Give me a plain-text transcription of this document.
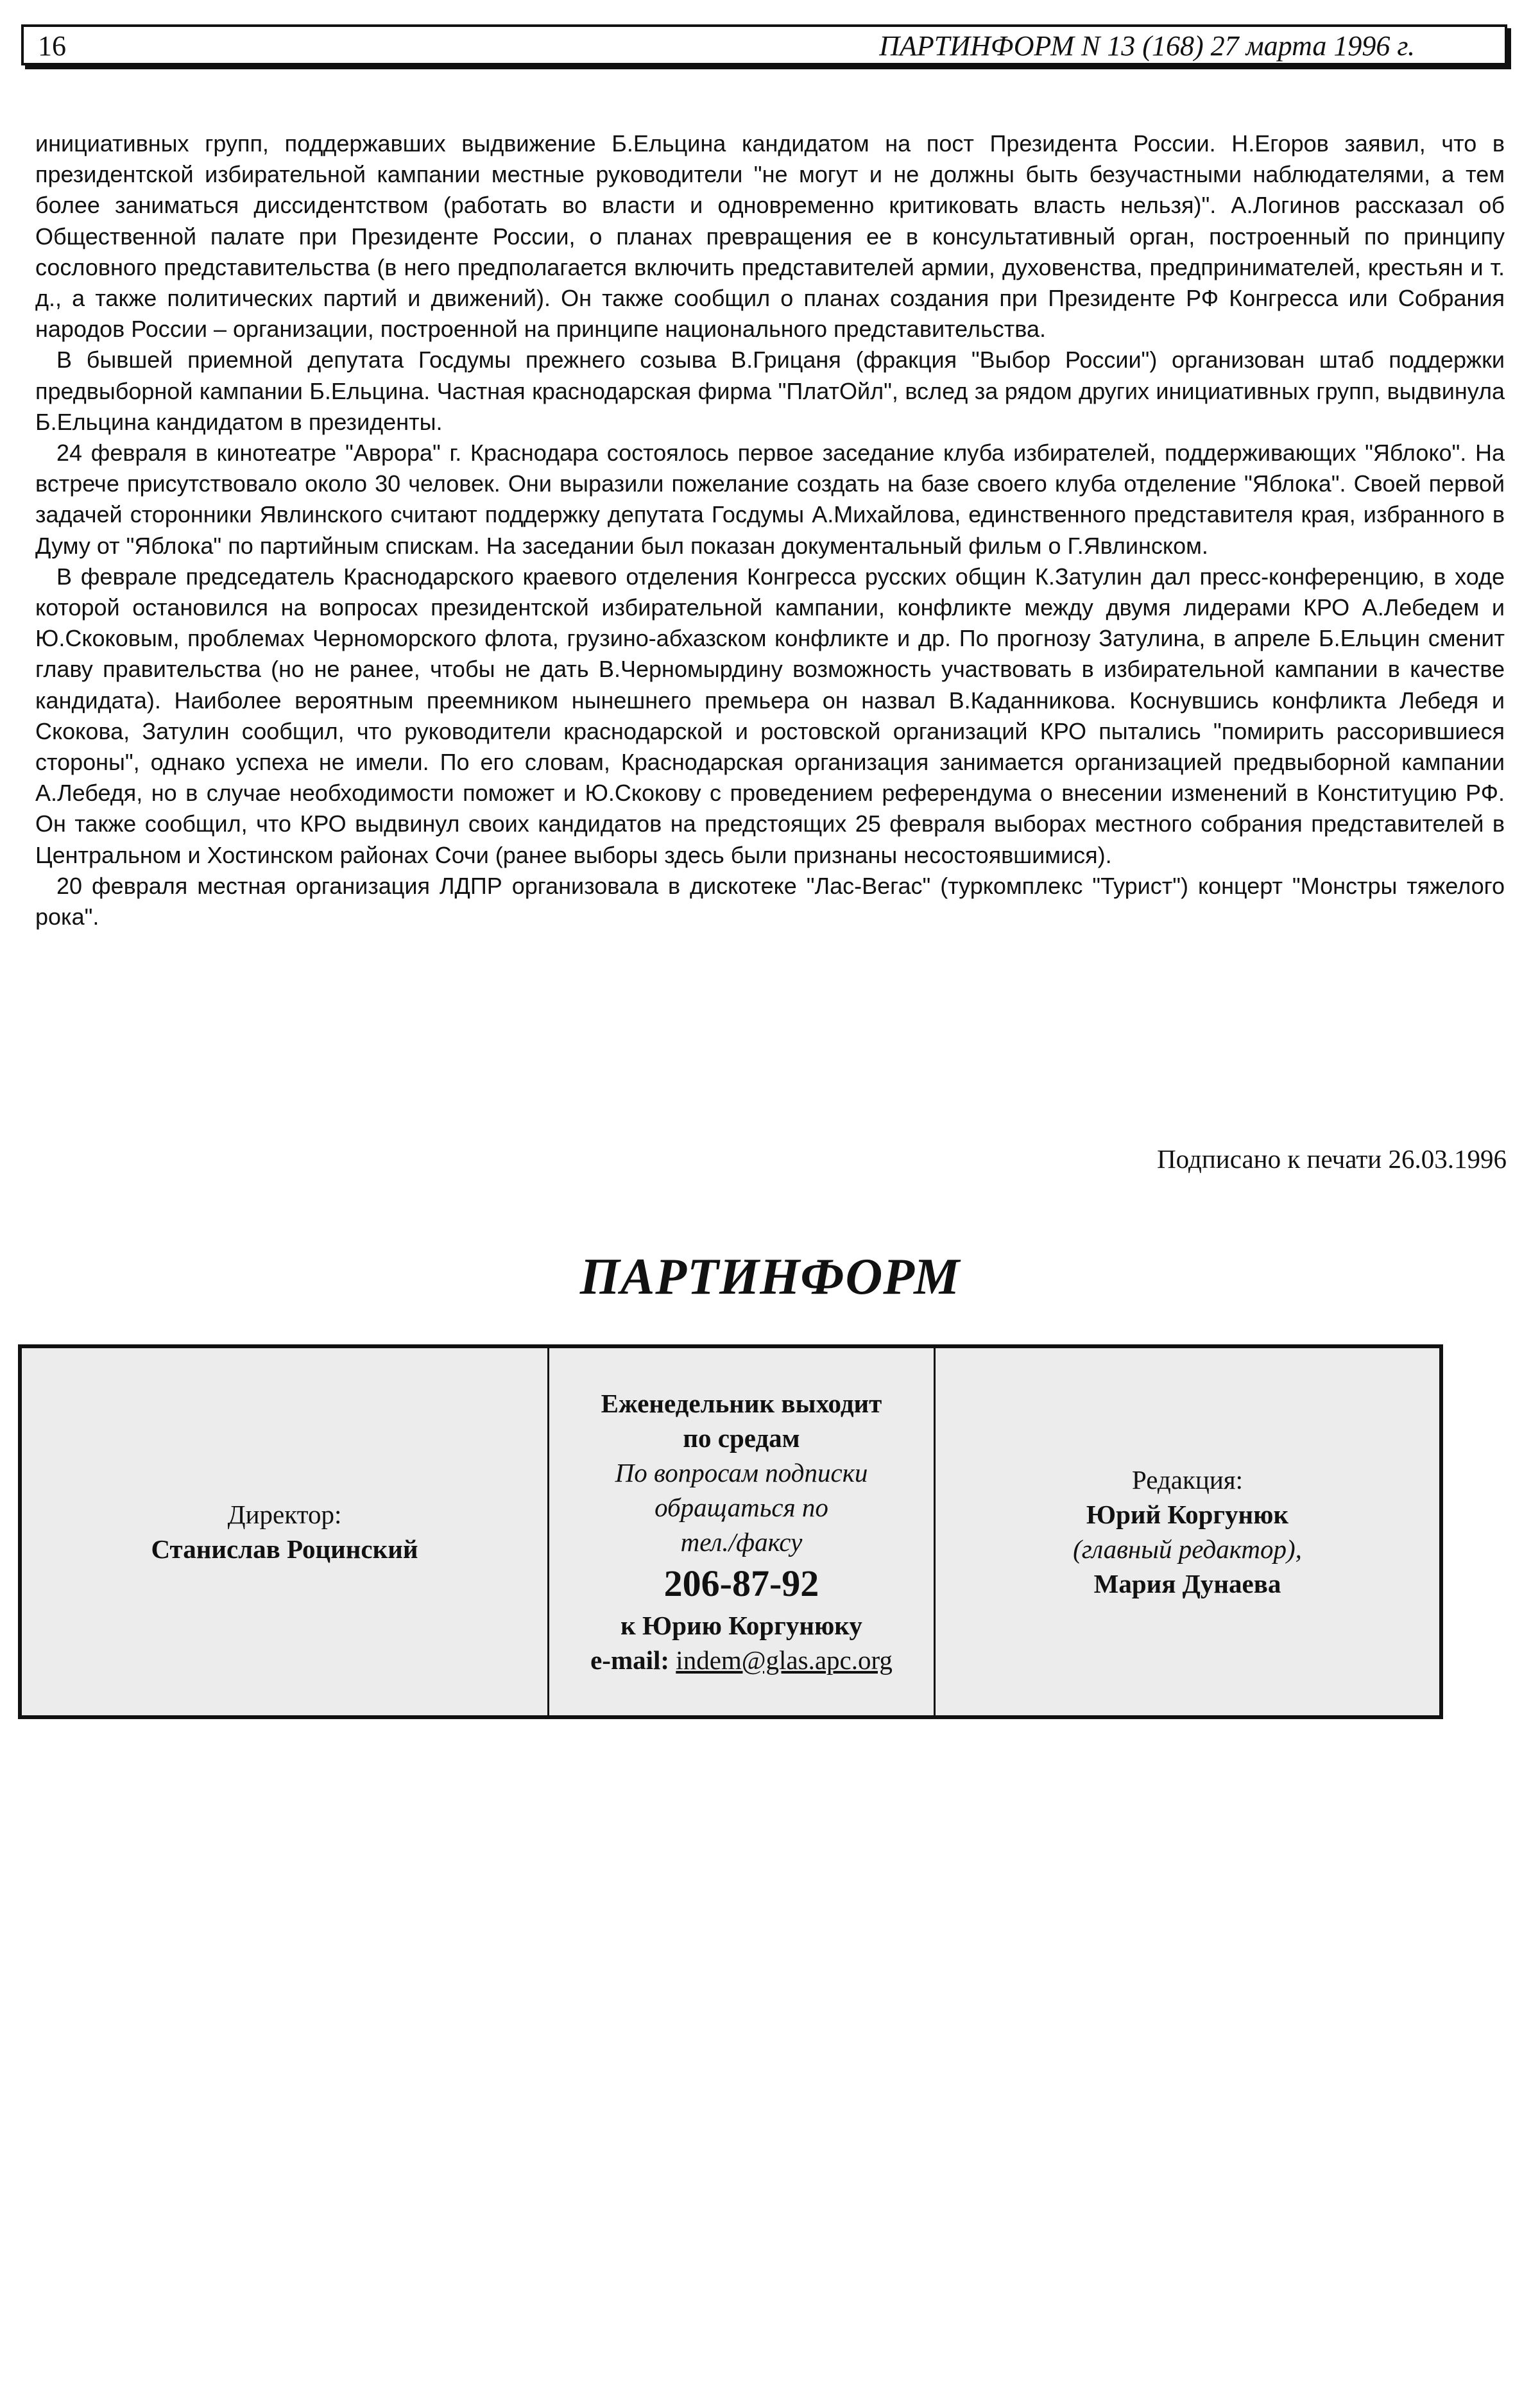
16	ПАРТИНФОРМ N 13 (168) 27 марта 1996 г.

инициативных групп, поддержавших выдвижение Б.Ельцина кандидатом на пост Президента России. Н.Егоров заявил, что в президентской избирательной кампании местные руководители "не могут и не должны быть безучастными наблюдателями, а тем более заниматься диссидентством (работать во власти и одновременно критиковать власть нельзя)". А.Логинов рассказал об Общественной палате при Президенте России, о планах превращения ее в консультативный орган, построенный по принципу сословного представительства (в него предполагается включить представителей армии, духовенства, предпринимателей, крестьян и т. д., а также политических партий и движений). Он также сообщил о планах создания при Президенте РФ Конгресса или Собрания народов России – организации, построенной на принципе национального представительства.

В бывшей приемной депутата Госдумы прежнего созыва В.Грицаня (фракция "Выбор России") организован штаб поддержки предвыборной кампании Б.Ельцина. Частная краснодарская фирма "ПлатОйл", вслед за рядом других инициативных групп, выдвинула Б.Ельцина кандидатом в президенты.

24 февраля в кинотеатре "Аврора" г. Краснодара состоялось первое заседание клуба избирателей, поддерживающих "Яблоко". На встрече присутствовало около 30 человек. Они выразили пожелание создать на базе своего клуба отделение "Яблока". Своей первой задачей сторонники Явлинского считают поддержку депутата Госдумы А.Михайлова, единственного представителя края, избранного в Думу от "Яблока" по партийным спискам. На заседании был показан документальный фильм о Г.Явлинском.

В феврале председатель Краснодарского краевого отделения Конгресса русских общин К.Затулин дал пресс-конференцию, в ходе которой остановился на вопросах президентской избирательной кампании, конфликте между двумя лидерами КРО А.Лебедем и Ю.Скоковым, проблемах Черноморского флота, грузино-абхазском конфликте и др. По прогнозу Затулина, в апреле Б.Ельцин сменит главу правительства (но не ранее, чтобы не дать В.Черномырдину возможность участвовать в избирательной кампании в качестве кандидата). Наиболее вероятным преемником нынешнего премьера он назвал В.Каданникова. Коснувшись конфликта Лебедя и Скокова, Затулин сообщил, что руководители краснодарской и ростовской организаций КРО пытались "помирить рассорившиеся стороны", однако успеха не имели. По его словам, Краснодарская организация занимается организацией предвыборной кампании А.Лебедя, но в случае необходимости поможет и Ю.Скокову с проведением референдума о внесении изменений в Конституцию РФ. Он также сообщил, что КРО выдвинул своих кандидатов на предстоящих 25 февраля выборах местного собрания представителей в Центральном и Хостинском районах Сочи (ранее выборы здесь были признаны несостоявшимися).

20 февраля местная организация ЛДПР организовала в дискотеке "Лас-Вегас" (туркомплекс "Турист") концерт "Монстры тяжелого рока".

Подписано к печати 26.03.1996
ПАРТИНФОРМ
Директор:
Станислав Роцинский
Еженедельник выходит
по средам
По вопросам подписки
обращаться по
тел./факсу
206-87-92
к Юрию Коргунюку
e-mail: indem@glas.apc.org
Редакция:
Юрий Коргунюк
(главный редактор),
Мария Дунаева
